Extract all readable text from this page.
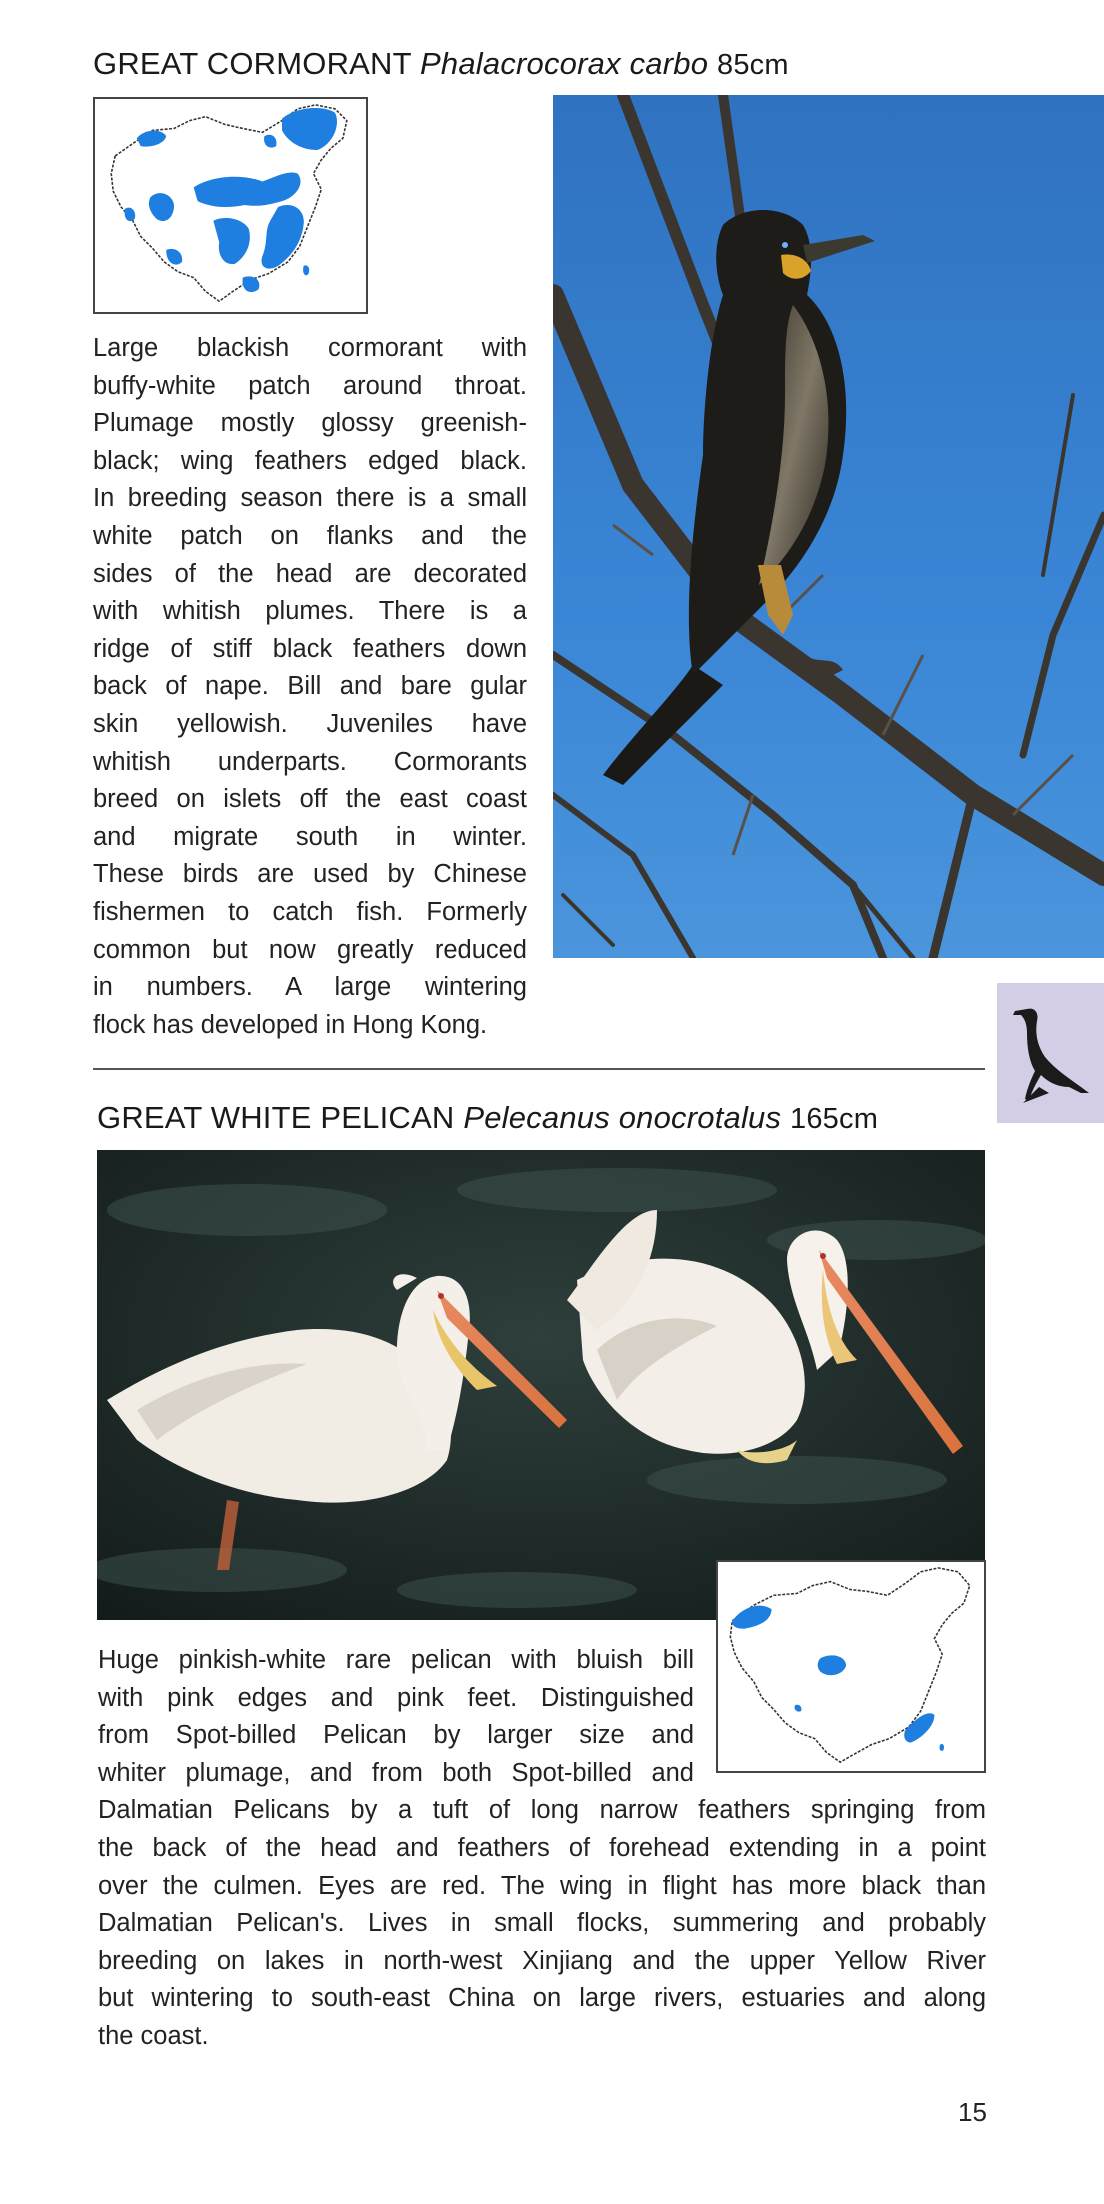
GREAT CORMORANT Phalacrocorax carbo 85cm
Large blackish cormorant with
buffy-white patch around throat.
Plumage mostly glossy greenish-
black; wing feathers edged black.
In breeding season there is a small
white patch on flanks and the
sides of the head are decorated
with whitish plumes. There is a
ridge of stiff black feathers down
back of nape. Bill and bare gular
skin yellowish. Juveniles have
whitish underparts. Cormorants
breed on islets off the east coast
and migrate south in winter.
These birds are used by Chinese
fishermen to catch fish. Formerly
common but now greatly reduced
in numbers. A large wintering
flock has developed in Hong Kong.
GREAT WHITE PELICAN Pelecanus onocrotalus 165cm
Huge pinkish-white rare pelican with bluish bill
with pink edges and pink feet. Distinguished
from Spot-billed Pelican by larger size and
whiter plumage, and from both Spot-billed and
Dalmatian Pelicans by a tuft of long narrow feathers springing from
the back of the head and feathers of forehead extending in a point
over the culmen. Eyes are red. The wing in flight has more black than
Dalmatian Pelican's. Lives in small flocks, summering and probably
breeding on lakes in north-west Xinjiang and the upper Yellow River
but wintering to south-east China on large rivers, estuaries and along
the coast.
15
